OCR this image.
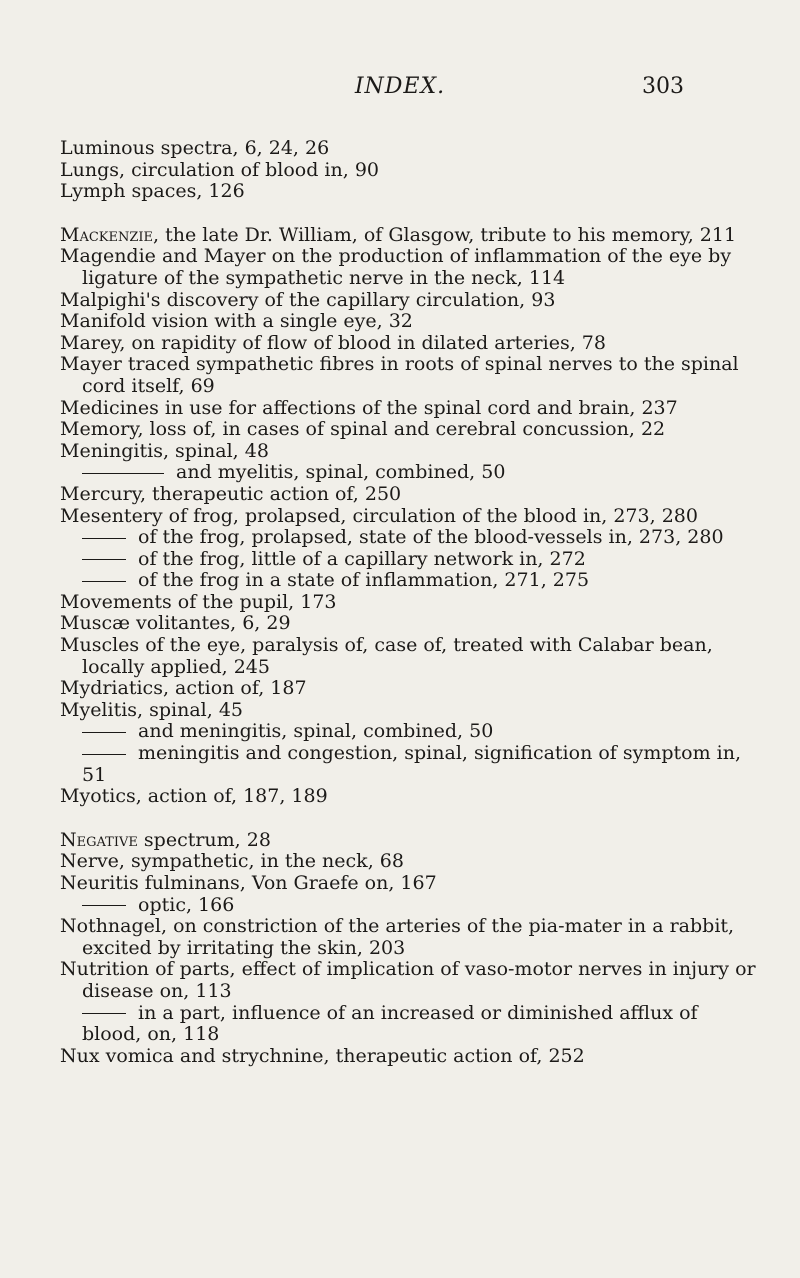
INDEX.	303
Luminous spectra, 6, 24, 26
Lungs, circulation of blood in, 90
Lymph spaces, 126
Mackenzie, the late Dr. William, of Glasgow, tribute to his memory, 211
Magendie and Mayer on the production of inflammation of the eye by ligature of the sympathetic nerve in the neck, 114
Malpighi's discovery of the capillary circulation, 93
Manifold vision with a single eye, 32
Marey, on rapidity of flow of blood in dilated arteries, 78
Mayer traced sympathetic fibres in roots of spinal nerves to the spinal cord itself, 69
Medicines in use for affections of the spinal cord and brain, 237
Memory, loss of, in cases of spinal and cerebral concussion, 22
Meningitis, spinal, 48
and myelitis, spinal, combined, 50
Mercury, therapeutic action of, 250
Mesentery of frog, prolapsed, circulation of the blood in, 273, 280
of the frog, prolapsed, state of the blood-vessels in, 273, 280
of the frog, little of a capillary network in, 272
of the frog in a state of inflammation, 271, 275
Movements of the pupil, 173
Muscæ volitantes, 6, 29
Muscles of the eye, paralysis of, case of, treated with Calabar bean, locally applied, 245
Mydriatics, action of, 187
Myelitis, spinal, 45
and meningitis, spinal, combined, 50
meningitis and congestion, spinal, signification of symptom in, 51
Myotics, action of, 187, 189
Negative spectrum, 28
Nerve, sympathetic, in the neck, 68
Neuritis fulminans, Von Graefe on, 167
optic, 166
Nothnagel, on constriction of the arteries of the pia-mater in a rabbit, excited by irritating the skin, 203
Nutrition of parts, effect of implication of vaso-motor nerves in injury or disease on, 113
in a part, influence of an increased or diminished afflux of blood, on, 118
Nux vomica and strychnine, therapeutic action of, 252
